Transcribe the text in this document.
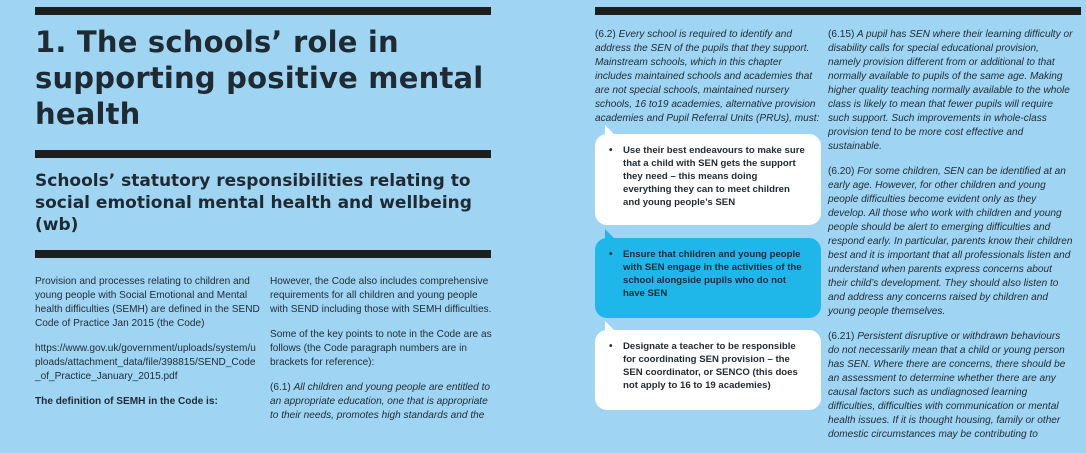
1. The schools’ role in supporting positive mental health
Schools’ statutory responsibilities relating to social emotional mental health and wellbeing (wb)

Provision and processes relating to children and young people with Social Emotional and Mental health difficulties (SEMH) are defined in the SEND Code of Practice Jan 2015 (the Code)

https://www.gov.uk/government/uploads/system/uploads/attachment_data/file/398815/SEND_Code_of_Practice_January_2015.pdf

The definition of SEMH in the Code is:

However, the Code also includes comprehensive requirements for all children and young people with SEND including those with SEMH difficulties.

Some of the key points to note in the Code are as follows (the Code paragraph numbers are in brackets for reference):

(6.1) All children and young people are entitled to an appropriate education, one that is appropriate to their needs, promotes high standards and the

(6.2) Every school is required to identify and address the SEN of the pupils that they support. Mainstream schools, which in this chapter includes maintained schools and academies that are not special schools, maintained nursery schools, 16 to19 academies, alternative provision academies and Pupil Referral Units (PRUs), must:

• Use their best endeavours to make sure that a child with SEN gets the support they need – this means doing everything they can to meet children and young people’s SEN
• Ensure that children and young people with SEN engage in the activities of the school alongside pupils who do not have SEN
• Designate a teacher to be responsible for coordinating SEN provision – the SEN coordinator, or SENCO (this does not apply to 16 to 19 academies)

(6.15) A pupil has SEN where their learning difficulty or disability calls for special educational provision, namely provision different from or additional to that normally available to pupils of the same age. Making higher quality teaching normally available to the whole class is likely to mean that fewer pupils will require such support. Such improvements in whole-class provision tend to be more cost effective and sustainable.

(6.20) For some children, SEN can be identified at an early age. However, for other children and young people difficulties become evident only as they develop. All those who work with children and young people should be alert to emerging difficulties and respond early. In particular, parents know their children best and it is important that all professionals listen and understand when parents express concerns about their child’s development. They should also listen to and address any concerns raised by children and young people themselves.

(6.21) Persistent disruptive or withdrawn behaviours do not necessarily mean that a child or young person has SEN. Where there are concerns, there should be an assessment to determine whether there are any causal factors such as undiagnosed learning difficulties, difficulties with communication or mental health issues. If it is thought housing, family or other domestic circumstances may be contributing to
